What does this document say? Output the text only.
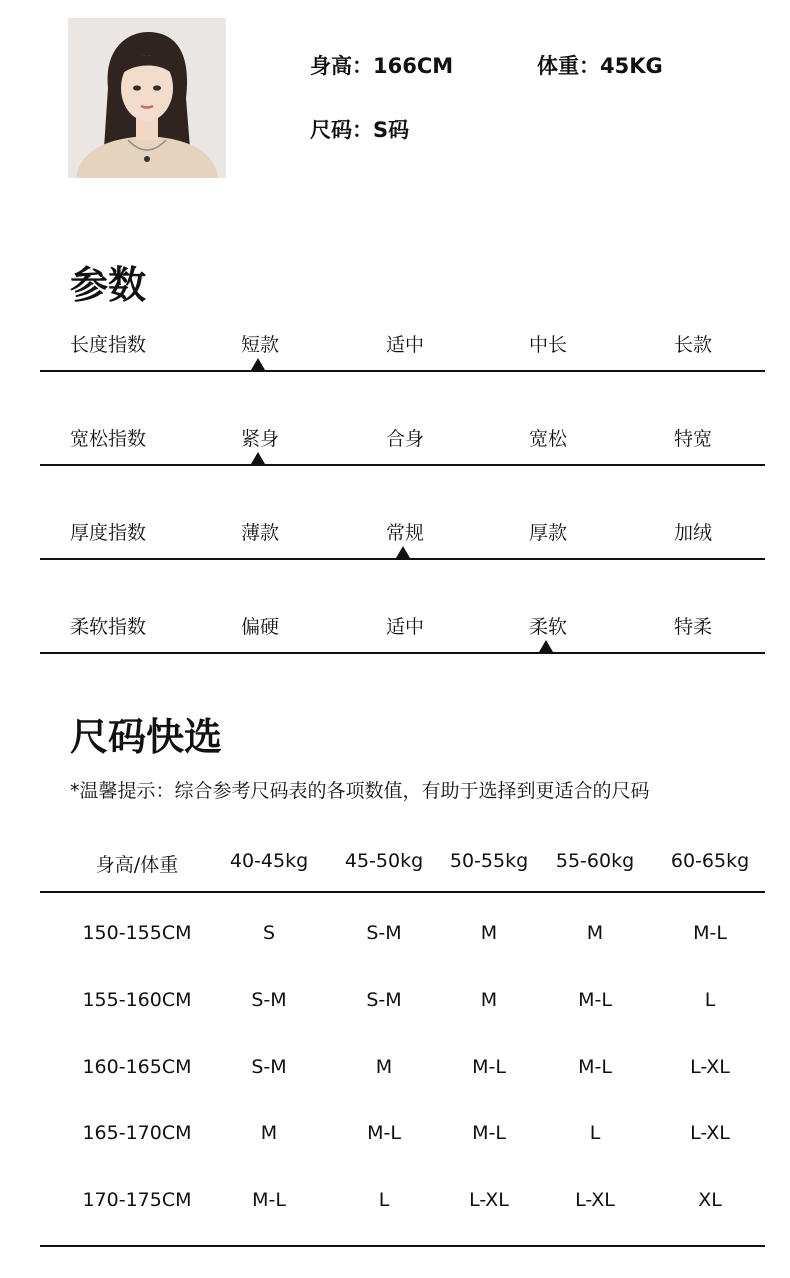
身高：166CM	体重：45KG
尺码：S码
参数
长度指数	短款	适中	中长	长款
宽松指数	紧身	合身	宽松	特宽
厚度指数	薄款	常规	厚款	加绒
柔软指数	偏硬	适中	柔软	特柔
尺码快选
*温馨提示：综合参考尺码表的各项数值，有助于选择到更适合的尺码
身高/体重	40-45kg	45-50kg	50-55kg	55-60kg	60-65kg
150-155CM	S	S-M	M	M	M-L
155-160CM	S-M	S-M	M	M-L	L
160-165CM	S-M	M	M-L	M-L	L-XL
165-170CM	M	M-L	M-L	L	L-XL
170-175CM	M-L	L	L-XL	L-XL	XL
